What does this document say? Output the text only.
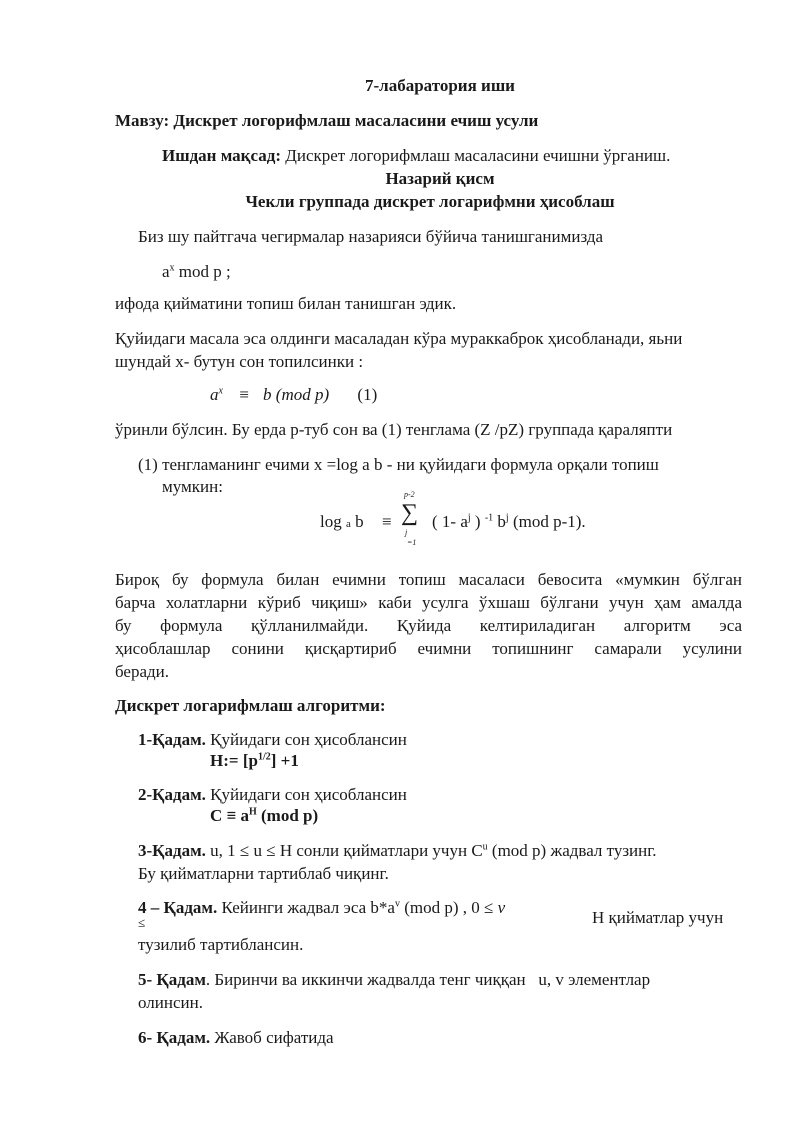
7-лабаратория иши
Мавзу: Дискрет логорифмлаш масаласини ечиш усули
Ишдан мақсад: Дискрет логорифмлаш масаласини ечишни ўрганиш.
Назарий қисм
Чекли группада дискрет логарифмни ҳисоблаш
Биз шу пайтгача чегирмалар назарияси бўйича танишганимизда
$a^x$ mod p ;
ифода қийматини топиш билан танишган эдик.
Қуйидаги масала эса олдинги масаладан кўра мураккаброк ҳисобланади, яьни
шундай x- бутун сон топилсинки :
$a^x \equiv b$ (mod p) (1)
ўринли бўлсин. Бу ерда p-туб сон ва (1) тенглама (Z /pZ) группада қараляпти
(1) тенгламанинг ечими x =log a b - ни қуйидаги формула орқали топиш
мумкин:
log a b ≡
p-2
∑
j
=1
( 1- $a^j$ ) $^{-1}$ $b^j$ (mod p-1).
Бироқ бу формула билан ечимни топиш масаласи бевосита «мумкин бўлган
барча холатларни кўриб чиқиш» каби усулга ўхшаш бўлгани учун ҳам амалда
бу формула қўлланилмайди. Қуйида келтириладиган алгоритм эса
ҳисоблашлар сонини қисқартириб ечимни топишнинг самарали усулини
беради.
Дискрет логарифмлаш алгоритми:
1-Қадам. Қуйидаги сон ҳисоблансин
H:= $[p^{1/2}] +1$
2-Қадам. Қуйидаги сон ҳисоблансин
$C \equiv a^H$ (mod p)
3-Қадам. u, 1 ≤ u ≤ H сонли қийматлари учун $C^u$ (mod p) жадвал тузинг.
Бу қийматларни тартиблаб чиқинг.
4 – Қадам. Кейинги жадвал эса $b*a^v$ (mod p) , 0 ≤ v
≤	H қийматлар учун
тузилиб тартиблансин.
5- Қадам. Биринчи ва иккинчи жадвалда тенг чиққан   u, v элементлар
олинсин.
6- Қадам. Жавоб сифатида
